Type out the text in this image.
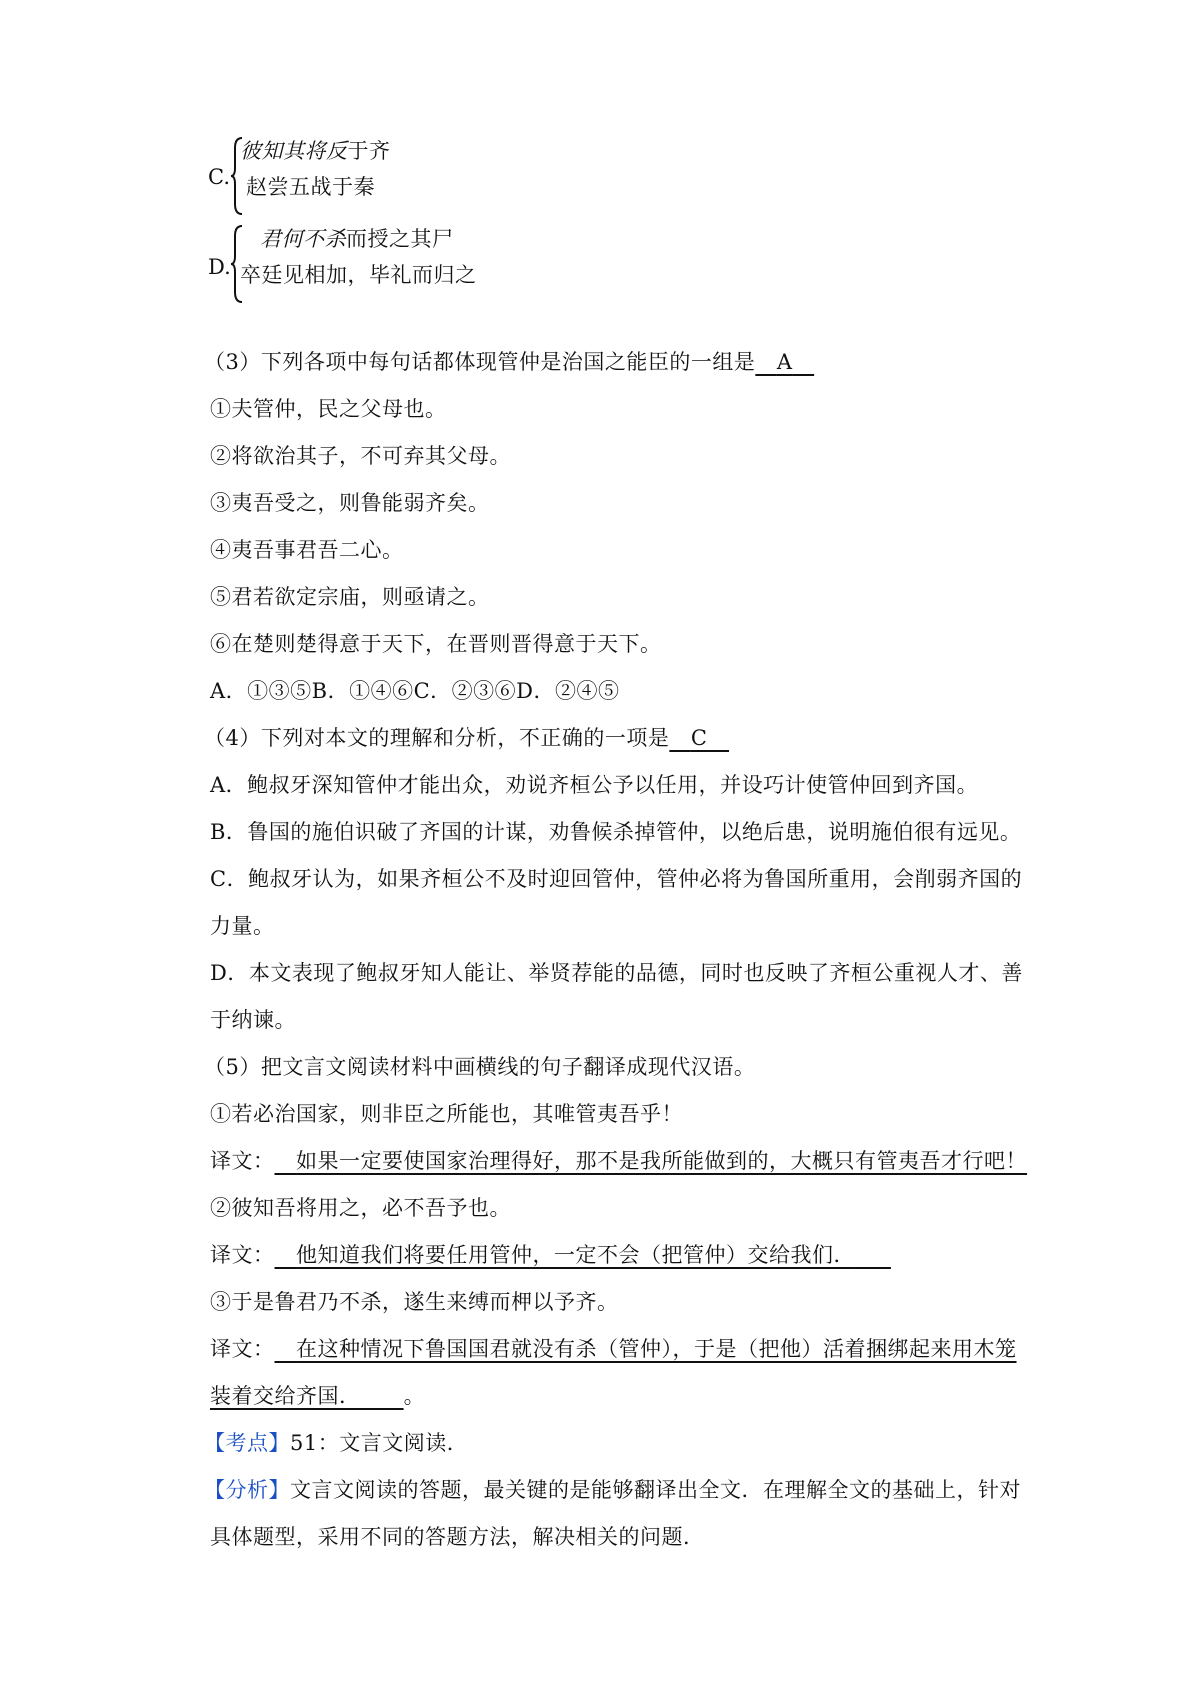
C.
彼知其将反于齐
赵尝五战于秦
D.
君何不杀而授之其尸
卒廷见相加，毕礼而归之
（3）下列各项中每句话都体现管仲是治国之能臣的一组是 A
①夫管仲，民之父母也。
②将欲治其子，不可弃其父母。
③夷吾受之，则鲁能弱齐矣。
④夷吾事君吾二心。
⑤君若欲定宗庙，则亟请之。
⑥在楚则楚得意于天下，在晋则晋得意于天下。
A．①③⑤B．①④⑥C．②③⑥D．②④⑤
（4）下列对本文的理解和分析，不正确的一项是 C
A．鲍叔牙深知管仲才能出众，劝说齐桓公予以任用，并设巧计使管仲回到齐国。
B．鲁国的施伯识破了齐国的计谋，劝鲁候杀掉管仲，以绝后患，说明施伯很有远见。
C．鲍叔牙认为，如果齐桓公不及时迎回管仲，管仲必将为鲁国所重用，会削弱齐国的
力量。
D．本文表现了鲍叔牙知人能让、举贤荐能的品德，同时也反映了齐桓公重视人才、善
于纳谏。
（5）把文言文阅读材料中画横线的句子翻译成现代汉语。
①若必治国家，则非臣之所能也，其唯管夷吾乎！
译文： 如果一定要使国家治理得好，那不是我所能做到的，大概只有管夷吾才行吧！
②彼知吾将用之，必不吾予也。
译文： 他知道我们将要任用管仲，一定不会（把管仲）交给我们．
③于是鲁君乃不杀，遂生来缚而柙以予齐。
译文： 在这种情况下鲁国国君就没有杀（管仲），于是（把他）活着捆绑起来用木笼
装着交给齐国． 。
【考点】51：文言文阅读．
【分析】文言文阅读的答题，最关键的是能够翻译出全文．在理解全文的基础上，针对
具体题型，采用不同的答题方法，解决相关的问题．
